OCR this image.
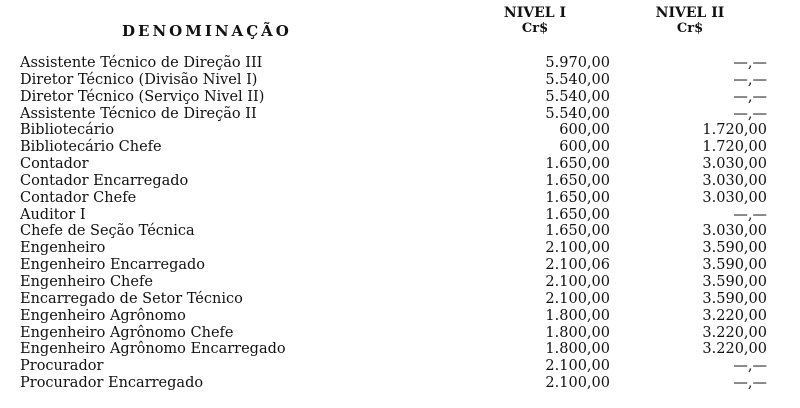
DENOMINAÇÃO
NIVEL I
Cr$
NIVEL II
Cr$
Assistente Técnico de Direção III	5.970,00	—,—
Diretor Técnico (Divisão Nivel I)	5.540,00	—,—
Diretor Técnico (Serviço Nivel II)	5.540,00	—,—
Assistente Técnico de Direção II	5.540,00	—,—
Bibliotecário	600,00	1.720,00
Bibliotecário Chefe	600,00	1.720,00
Contador	1.650,00	3.030,00
Contador Encarregado	1.650,00	3.030,00
Contador Chefe	1.650,00	3.030,00
Auditor I	1.650,00	—,—
Chefe de Seção Técnica	1.650,00	3.030,00
Engenheiro	2.100,00	3.590,00
Engenheiro Encarregado	2.100,06	3.590,00
Engenheiro Chefe	2.100,00	3.590,00
Encarregado de Setor Técnico	2.100,00	3.590,00
Engenheiro Agrônomo	1.800,00	3.220,00
Engenheiro Agrônomo Chefe	1.800,00	3.220,00
Engenheiro Agrônomo Encarregado	1.800,00	3.220,00
Procurador	2.100,00	—,—
Procurador Encarregado	2.100,00	—,—
